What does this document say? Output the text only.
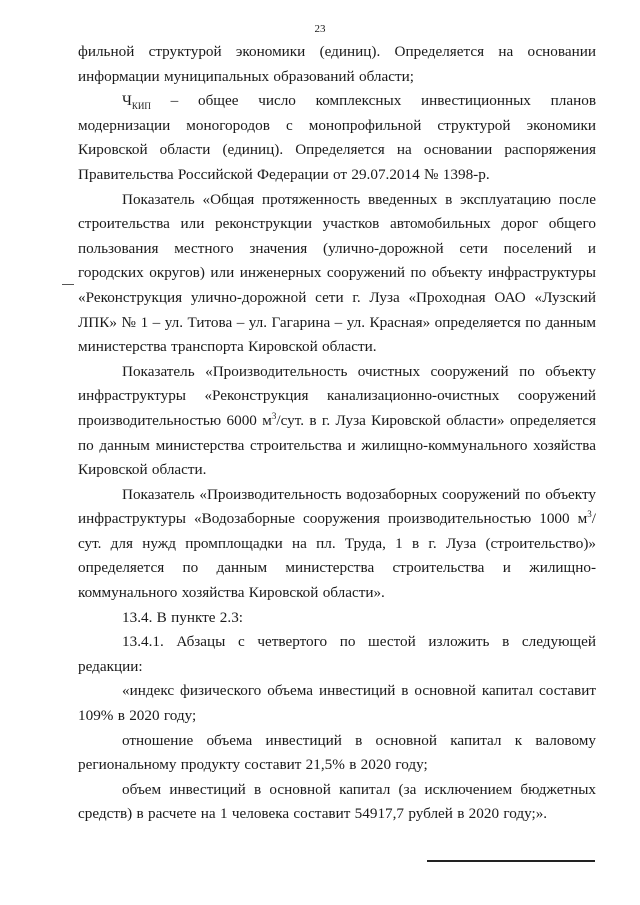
23

фильной структурой экономики (единиц). Определяется на основании информации муниципальных образований области;

$Ч_{КИП}$ – общее число комплексных инвестиционных планов модернизации моногородов с монопрофильной структурой экономики Кировской области (единиц). Определяется на основании распоряжения Правительства Российской Федерации от 29.07.2014 № 1398-р.

Показатель «Общая протяженность введенных в эксплуатацию после строительства или реконструкции участков автомобильных дорог общего пользования местного значения (улично-дорожной сети поселений и городских округов) или инженерных сооружений по объекту инфраструктуры «Реконструкция улично-дорожной сети г. Луза «Проходная ОАО «Лузский ЛПК» № 1 – ул. Титова – ул. Гагарина – ул. Красная» определяется по данным министерства транспорта Кировской области.

Показатель «Производительность очистных сооружений по объекту инфраструктуры «Реконструкция канализационно-очистных сооружений производительностью 6000 $м^3$/сут. в г. Луза Кировской области» определяется по данным министерства строительства и жилищно-коммунального хозяйства Кировской области.

Показатель «Производительность водозаборных сооружений по объекту инфраструктуры «Водозаборные сооружения производительностью 1000 $м^3$/сут. для нужд промплощадки на пл. Труда, 1 в г. Луза (строительство)» определяется по данным министерства строительства и жилищно-коммунального хозяйства Кировской области».

13.4. В пункте 2.3:

13.4.1. Абзацы с четвертого по шестой изложить в следующей редакции:

«индекс физического объема инвестиций в основной капитал составит 109% в 2020 году;

отношение объема инвестиций в основной капитал к валовому региональному продукту составит 21,5% в 2020 году;

объем инвестиций в основной капитал (за исключением бюджетных средств) в расчете на 1 человека составит 54917,7 рублей в 2020 году;».
